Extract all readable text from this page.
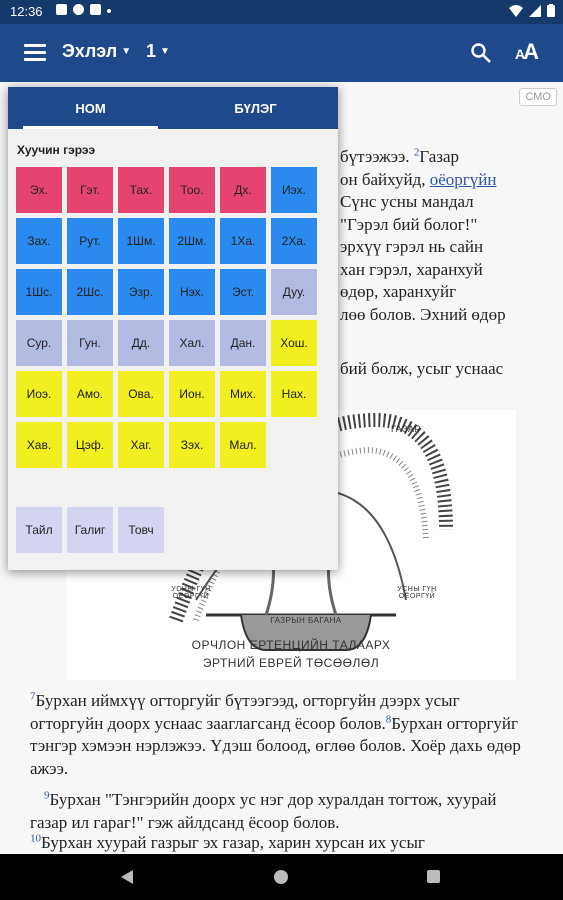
12:36
Эхлэл ▼ 1 ▼	AA
СМО
бүтээжээ. $^2$Газар
он байхуйд, оёоргүйн
Сүнс усны мандал
"Гэрэл бий болог!"
эрхүү гэрэл нь сайн
хан гэрэл, харанхуй
өдөр, харанхуйг
лөө болов. Эхний өдөр
бий болж, усыг уснаас
ГАЗАР
ГАЗРЫН БАГАНА
УСНЫ ГҮН ОЁОРГҮЙ
УСНЫ ГҮН ОЁОРГҮЙ
ОРЧЛОН ЕРТЕНЦИЙН ТАЛААРХ
ЭРТНИЙ ЕВРЕЙ ТӨСӨӨЛӨЛ
$^7$Бурхан иймхүү огторгуйг бүтээгээд, огторгуйн дээрх усыг огторгуйн доорх уснаас зааглагсанд ёсоор болов.$^8$Бурхан огторгуйг тэнгэр хэмээн нэрлэжээ. Үдэш болоод, өглөө болов. Хоёр дахь өдөр ажээ.
$^9$Бурхан "Тэнгэрийн доорх ус нэг дор хуралдан тогтож, хуурай газар ил гараг!" гэж айлдсанд ёсоор болов.
$^{10}$Бурхан хуурай газрыг эх газар, харин хурсан их усыг
НОМ	БҮЛЭГ
Хуучин гэрээ
Эх.	Гэт.	Тах.	Тоо.	Дх.	Иэх.
Зах.	Рут.	1Шм.	2Шм.	1Ха.	2Ха.
1Шс.	2Шс.	Эзр.	Нэх.	Эст.	Дуу.
Сур.	Гун.	Дд.	Хал.	Дан.	Хош.
Иоэ.	Амо.	Ова.	Ион.	Мих.	Нах.
Хав.	Цэф.	Хаг.	Зэх.	Мал.
Тайл	Галиг	Товч
